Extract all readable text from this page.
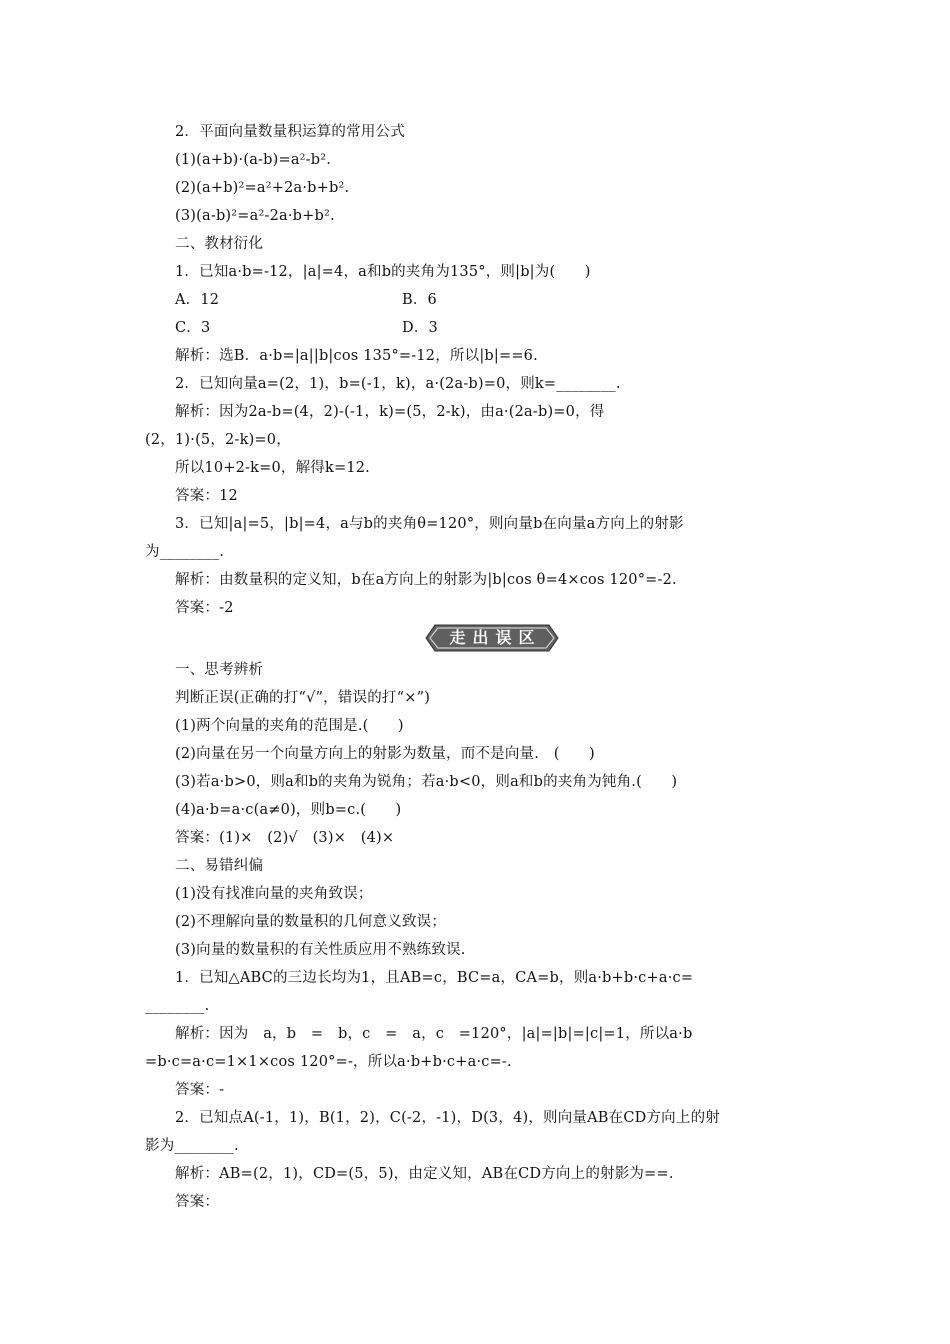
2．平面向量数量积运算的常用公式
(1)(a+b)·(a-b)=a²-b².
(2)(a+b)²=a²+2a·b+b².
(3)(a-b)²=a²-2a·b+b².
二、教材衍化
1．已知a·b=-12，|a|=4，a和b的夹角为135°，则|b|为(　　)
A．12	B．6
C．3	D．3
解析：选B．a·b=|a||b|cos 135°=-12，所以|b|==6.
2．已知向量a=(2，1)，b=(-1，k)，a·(2a-b)=0，则k=________.
解析：因为2a-b=(4，2)-(-1，k)=(5，2-k)，由a·(2a-b)=0，得
(2，1)·(5，2-k)=0，
所以10+2-k=0，解得k=12.
答案：12
3．已知|a|=5，|b|=4，a与b的夹角θ=120°，则向量b在向量a方向上的射影
为________.
解析：由数量积的定义知，b在a方向上的射影为|b|cos θ=4×cos 120°=-2.
答案：-2
走出误区
一、思考辨析
判断正误(正确的打“√”，错误的打“×”)
(1)两个向量的夹角的范围是.(　　)
(2)向量在另一个向量方向上的射影为数量，而不是向量.　(　　)
(3)若a·b>0，则a和b的夹角为锐角；若a·b<0，则a和b的夹角为钝角.(　　)
(4)a·b=a·c(a≠0)，则b=c.(　　)
答案：(1)×　(2)√　(3)×　(4)×
二、易错纠偏
(1)没有找准向量的夹角致误；
(2)不理解向量的数量积的几何意义致误；
(3)向量的数量积的有关性质应用不熟练致误.
1．已知△ABC的三边长均为1，且AB=c，BC=a，CA=b，则a·b+b·c+a·c=
________.
解析：因为　a，b　=　b，c　=　a，c　=120°，|a|=|b|=|c|=1，所以a·b
=b·c=a·c=1×1×cos 120°=-，所以a·b+b·c+a·c=-.
答案：-
2．已知点A(-1，1)，B(1，2)，C(-2，-1)，D(3，4)，则向量AB在CD方向上的射
影为________.
解析：AB=(2，1)，CD=(5，5)，由定义知，AB在CD方向上的射影为==.
答案：
